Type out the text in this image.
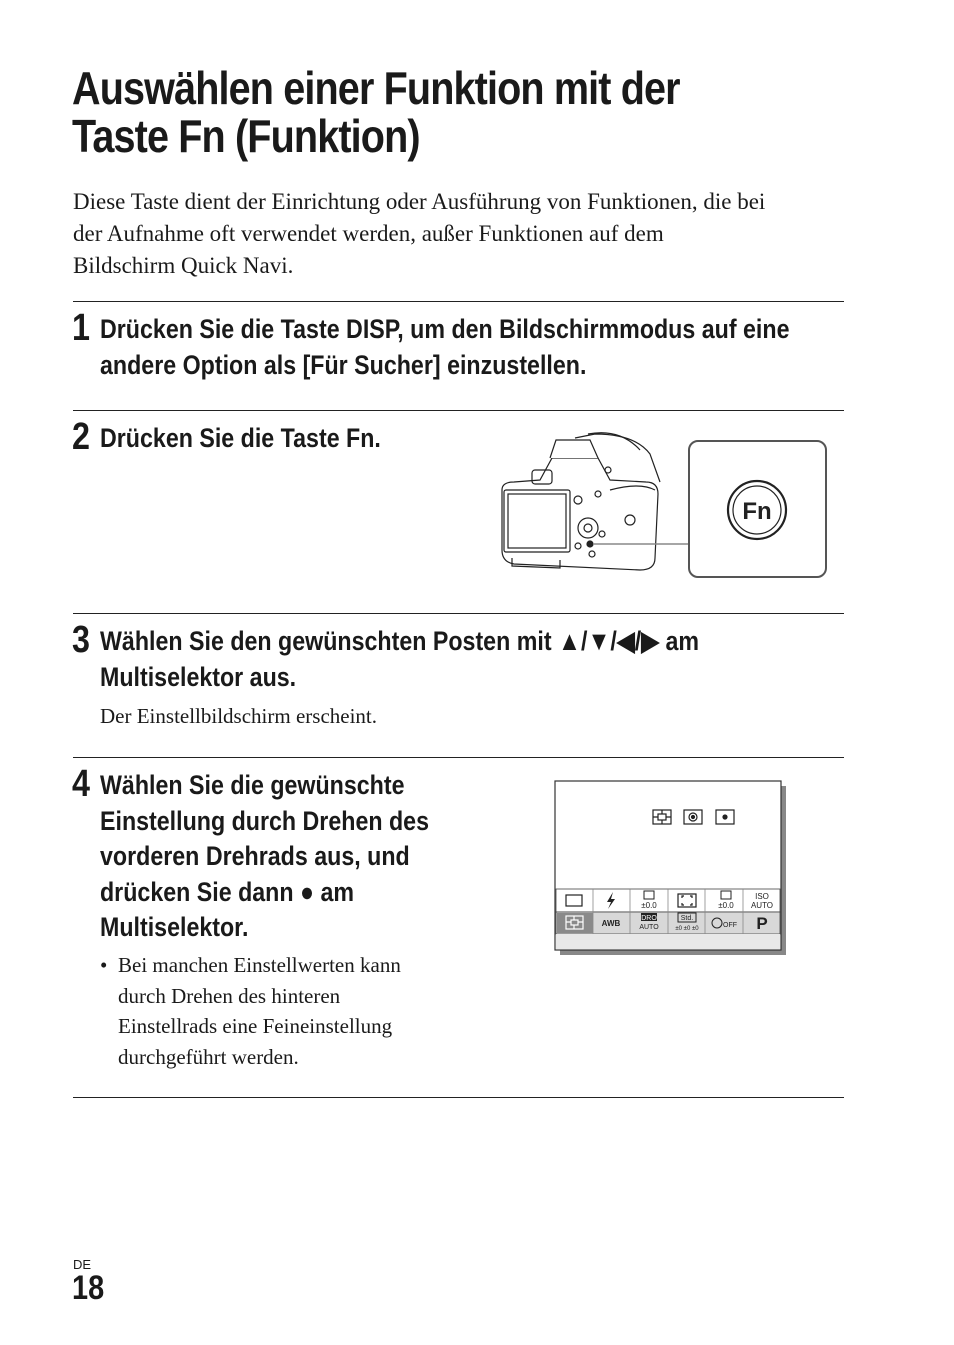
Auswählen einer Funktion mit der
Taste Fn (Funktion)

Diese Taste dient der Einrichtung oder Ausführung von Funktionen, die bei
der Aufnahme oft verwendet werden, außer Funktionen auf dem
Bildschirm Quick Navi.

1 Drücken Sie die Taste DISP, um den Bildschirmmodus auf eine
andere Option als [Für Sucher] einzustellen.

2 Drücken Sie die Taste Fn.

Fn
3 Wählen Sie den gewünschten Posten mit ▲/▼/◀/▶ am
Multiselektor aus.

Der Einstellbildschirm erscheint.

4 Wählen Sie die gewünschte
Einstellung durch Drehen des
vorderen Drehrads aus, und
drücken Sie dann ● am
Multiselektor.

• Bei manchen Einstellwerten kann
durch Drehen des hinteren
Einstellrads eine Feineinstellung
durchgeführt werden.
±0.0	±0.0
ISO
AUTO
AWB
DRO
AUTO
Std.
±0 ±0 ±0	OFF P
DE
18
